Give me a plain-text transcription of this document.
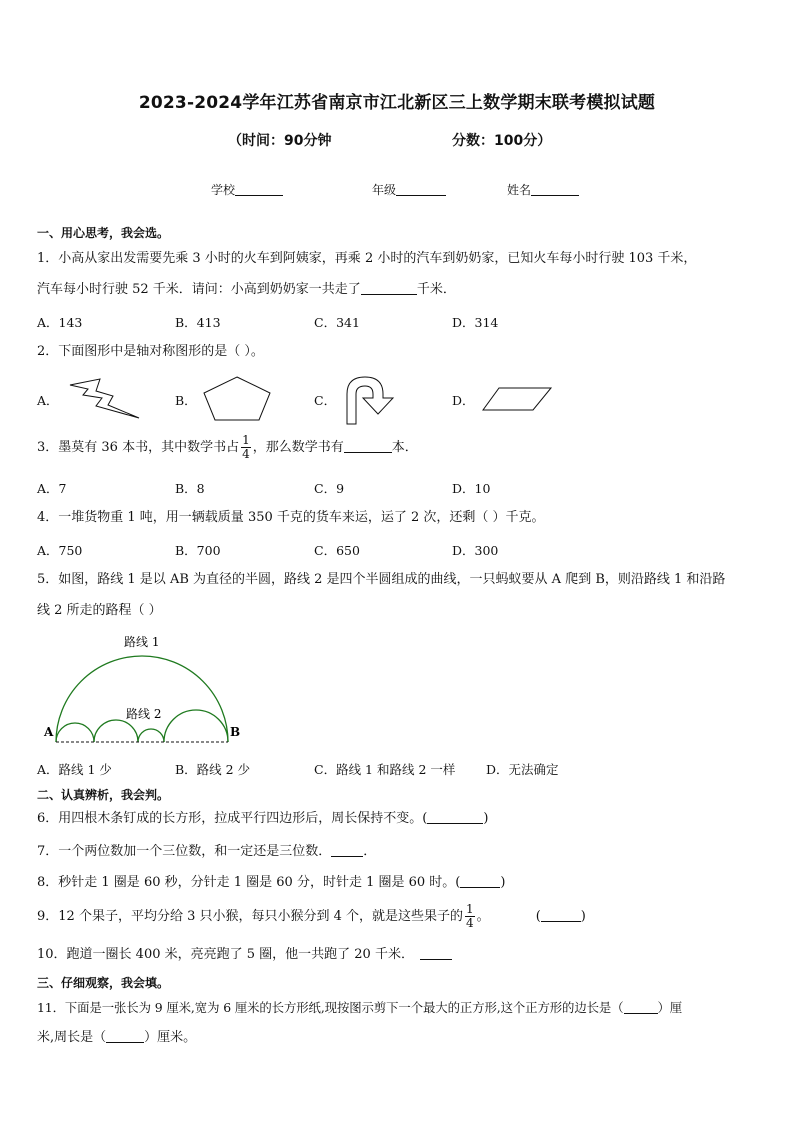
2023-2024学年江苏省南京市江北新区三上数学期末联考模拟试题
（时间：90分钟	分数：100分）
学校	年级	姓名
一、用心思考，我会选。
1．小高从家出发需要先乘 3 小时的火车到阿姨家，再乘 2 小时的汽车到奶奶家，已知火车每小时行驶 103 千米，
汽车每小时行驶 52 千米．请问：小高到奶奶家一共走了	千米．
A．143	B．413	C．341	D．314
2．下面图形中是轴对称图形的是（ ）。
A．	B．	C．	D．
3．墨莫有 36 本书，其中数学书占 $\frac{1}{4}$ ，那么数学书有	本．
A．7	B．8	C．9	D．10
4．一堆货物重 1 吨，用一辆载质量 350 千克的货车来运，运了 2 次，还剩（ ）千克。
A．750	B．700	C．650	D．300
5．如图，路线 1 是以 AB 为直径的半圆，路线 2 是四个半圆组成的曲线，一只蚂蚁要从 A 爬到 B，则沿路线 1 和沿路
线 2 所走的路程（ ）
路线 1
路线 2
A	B
A．路线 1 少	B．路线 2 少	C．路线 1 和路线 2 一样 D．无法确定
二、认真辨析，我会判。
6．用四根木条钉成的长方形，拉成平行四边形后，周长保持不变。(	)
7．一个两位数加一个三位数，和一定还是三位数． ．
8．秒针走 1 圈是 60 秒，分针走 1 圈是 60 分，时针走 1 圈是 60 时。(	)
9．12 个果子，平均分给 3 只小猴，每只小猴分到 4 个，就是这些果子的 $\frac{1}{4}$ 。	(	)
10．跑道一圈长 400 米，亮亮跑了 5 圈，他一共跑了 20 千米．
三、仔细观察，我会填。
11．下面是一张长为 9 厘米,宽为 6 厘米的长方形纸,现按图示剪下一个最大的正方形,这个正方形的边长是（	）厘
米,周长是（	）厘米。
